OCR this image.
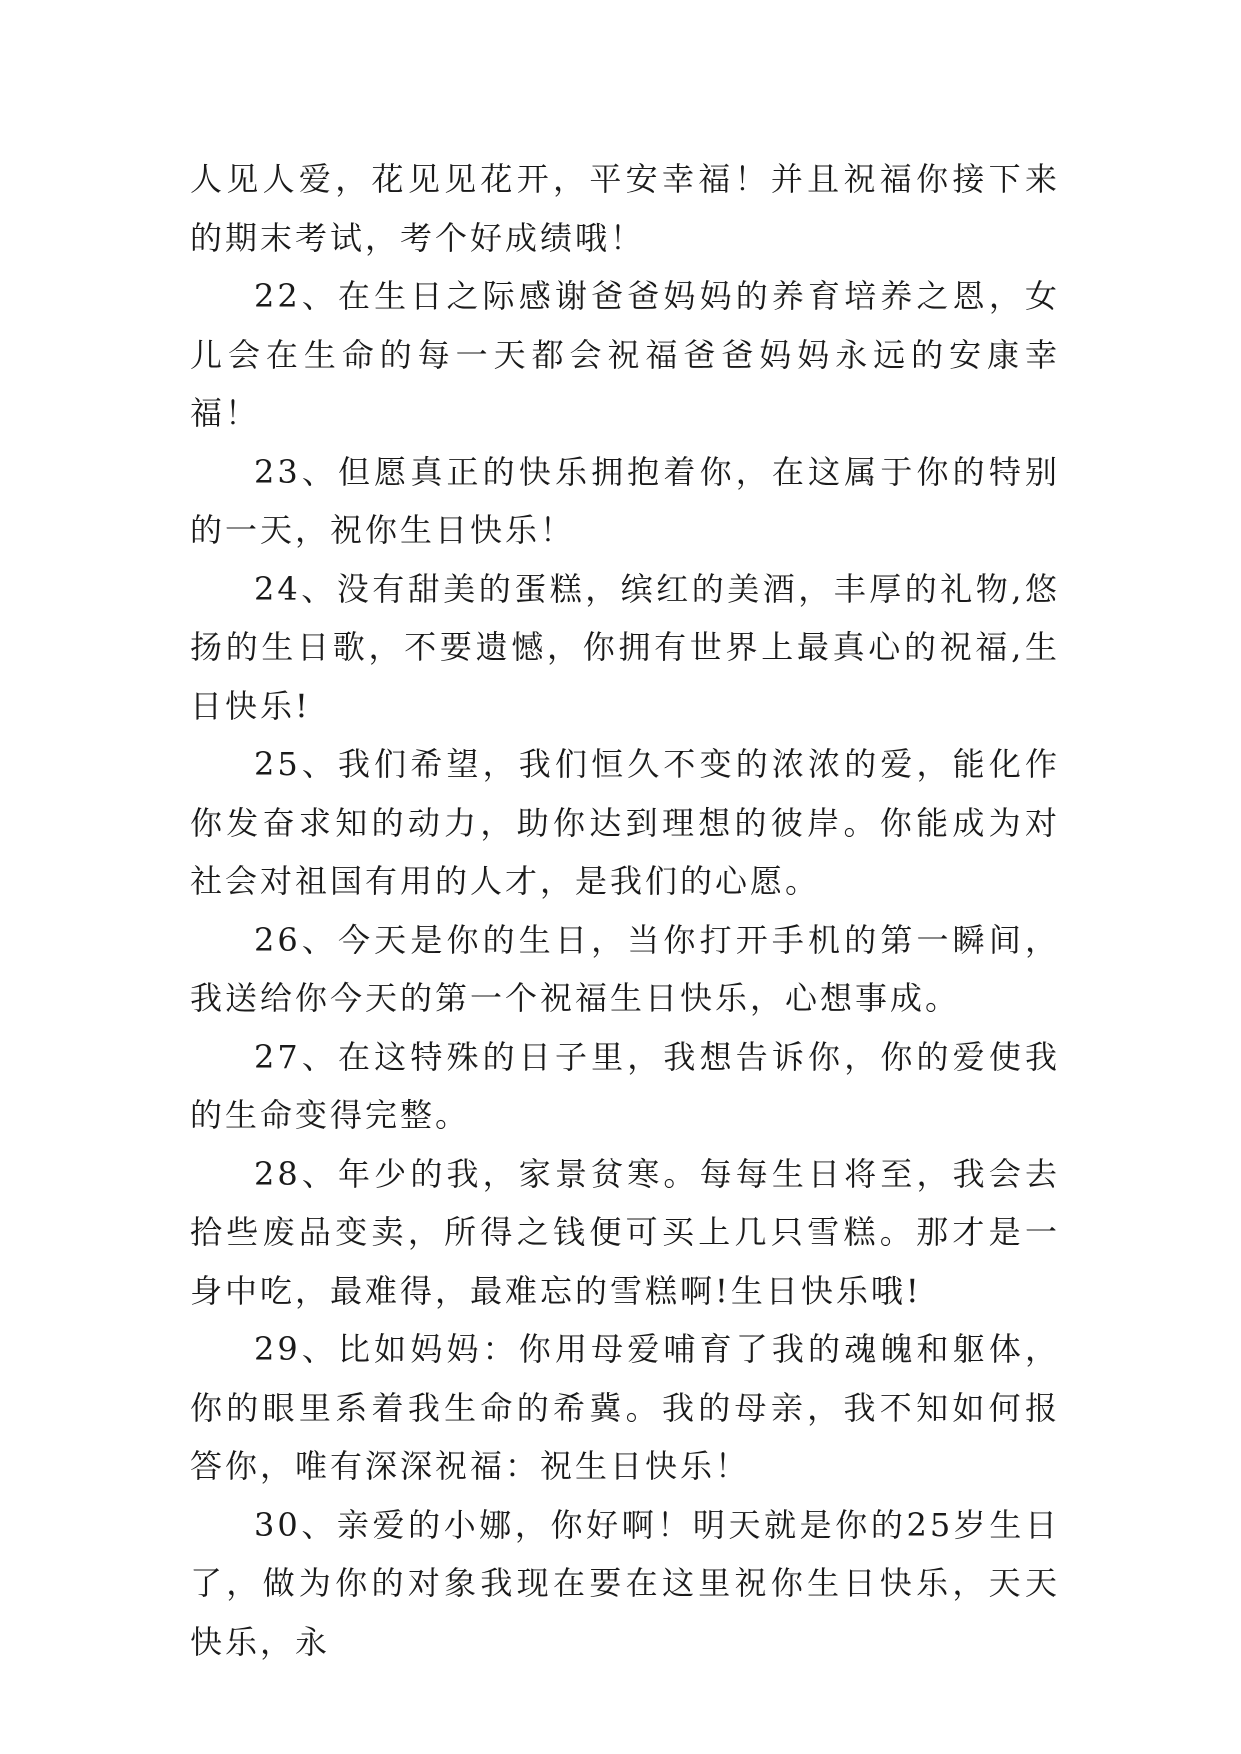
人见人爱，花见见花开，平安幸福！并且祝福你接下来的期末考试，考个好成绩哦！

22、在生日之际感谢爸爸妈妈的养育培养之恩，女儿会在生命的每一天都会祝福爸爸妈妈永远的安康幸福！

23、但愿真正的快乐拥抱着你，在这属于你的特别的一天，祝你生日快乐！

24、没有甜美的蛋糕，缤红的美酒，丰厚的礼物,悠扬的生日歌，不要遗憾，你拥有世界上最真心的祝福,生日快乐!

25、我们希望，我们恒久不变的浓浓的爱，能化作你发奋求知的动力，助你达到理想的彼岸。你能成为对社会对祖国有用的人才，是我们的心愿。

26、今天是你的生日，当你打开手机的第一瞬间，我送给你今天的第一个祝福生日快乐，心想事成。

27、在这特殊的日子里，我想告诉你，你的爱使我的生命变得完整。

28、年少的我，家景贫寒。每每生日将至，我会去拾些废品变卖，所得之钱便可买上几只雪糕。那才是一身中吃，最难得，最难忘的雪糕啊!生日快乐哦!

29、比如妈妈：你用母爱哺育了我的魂魄和躯体，你的眼里系着我生命的希冀。我的母亲，我不知如何报答你，唯有深深祝福：祝生日快乐！

30、亲爱的小娜，你好啊！明天就是你的25岁生日了，做为你的对象我现在要在这里祝你生日快乐，天天快乐，永
